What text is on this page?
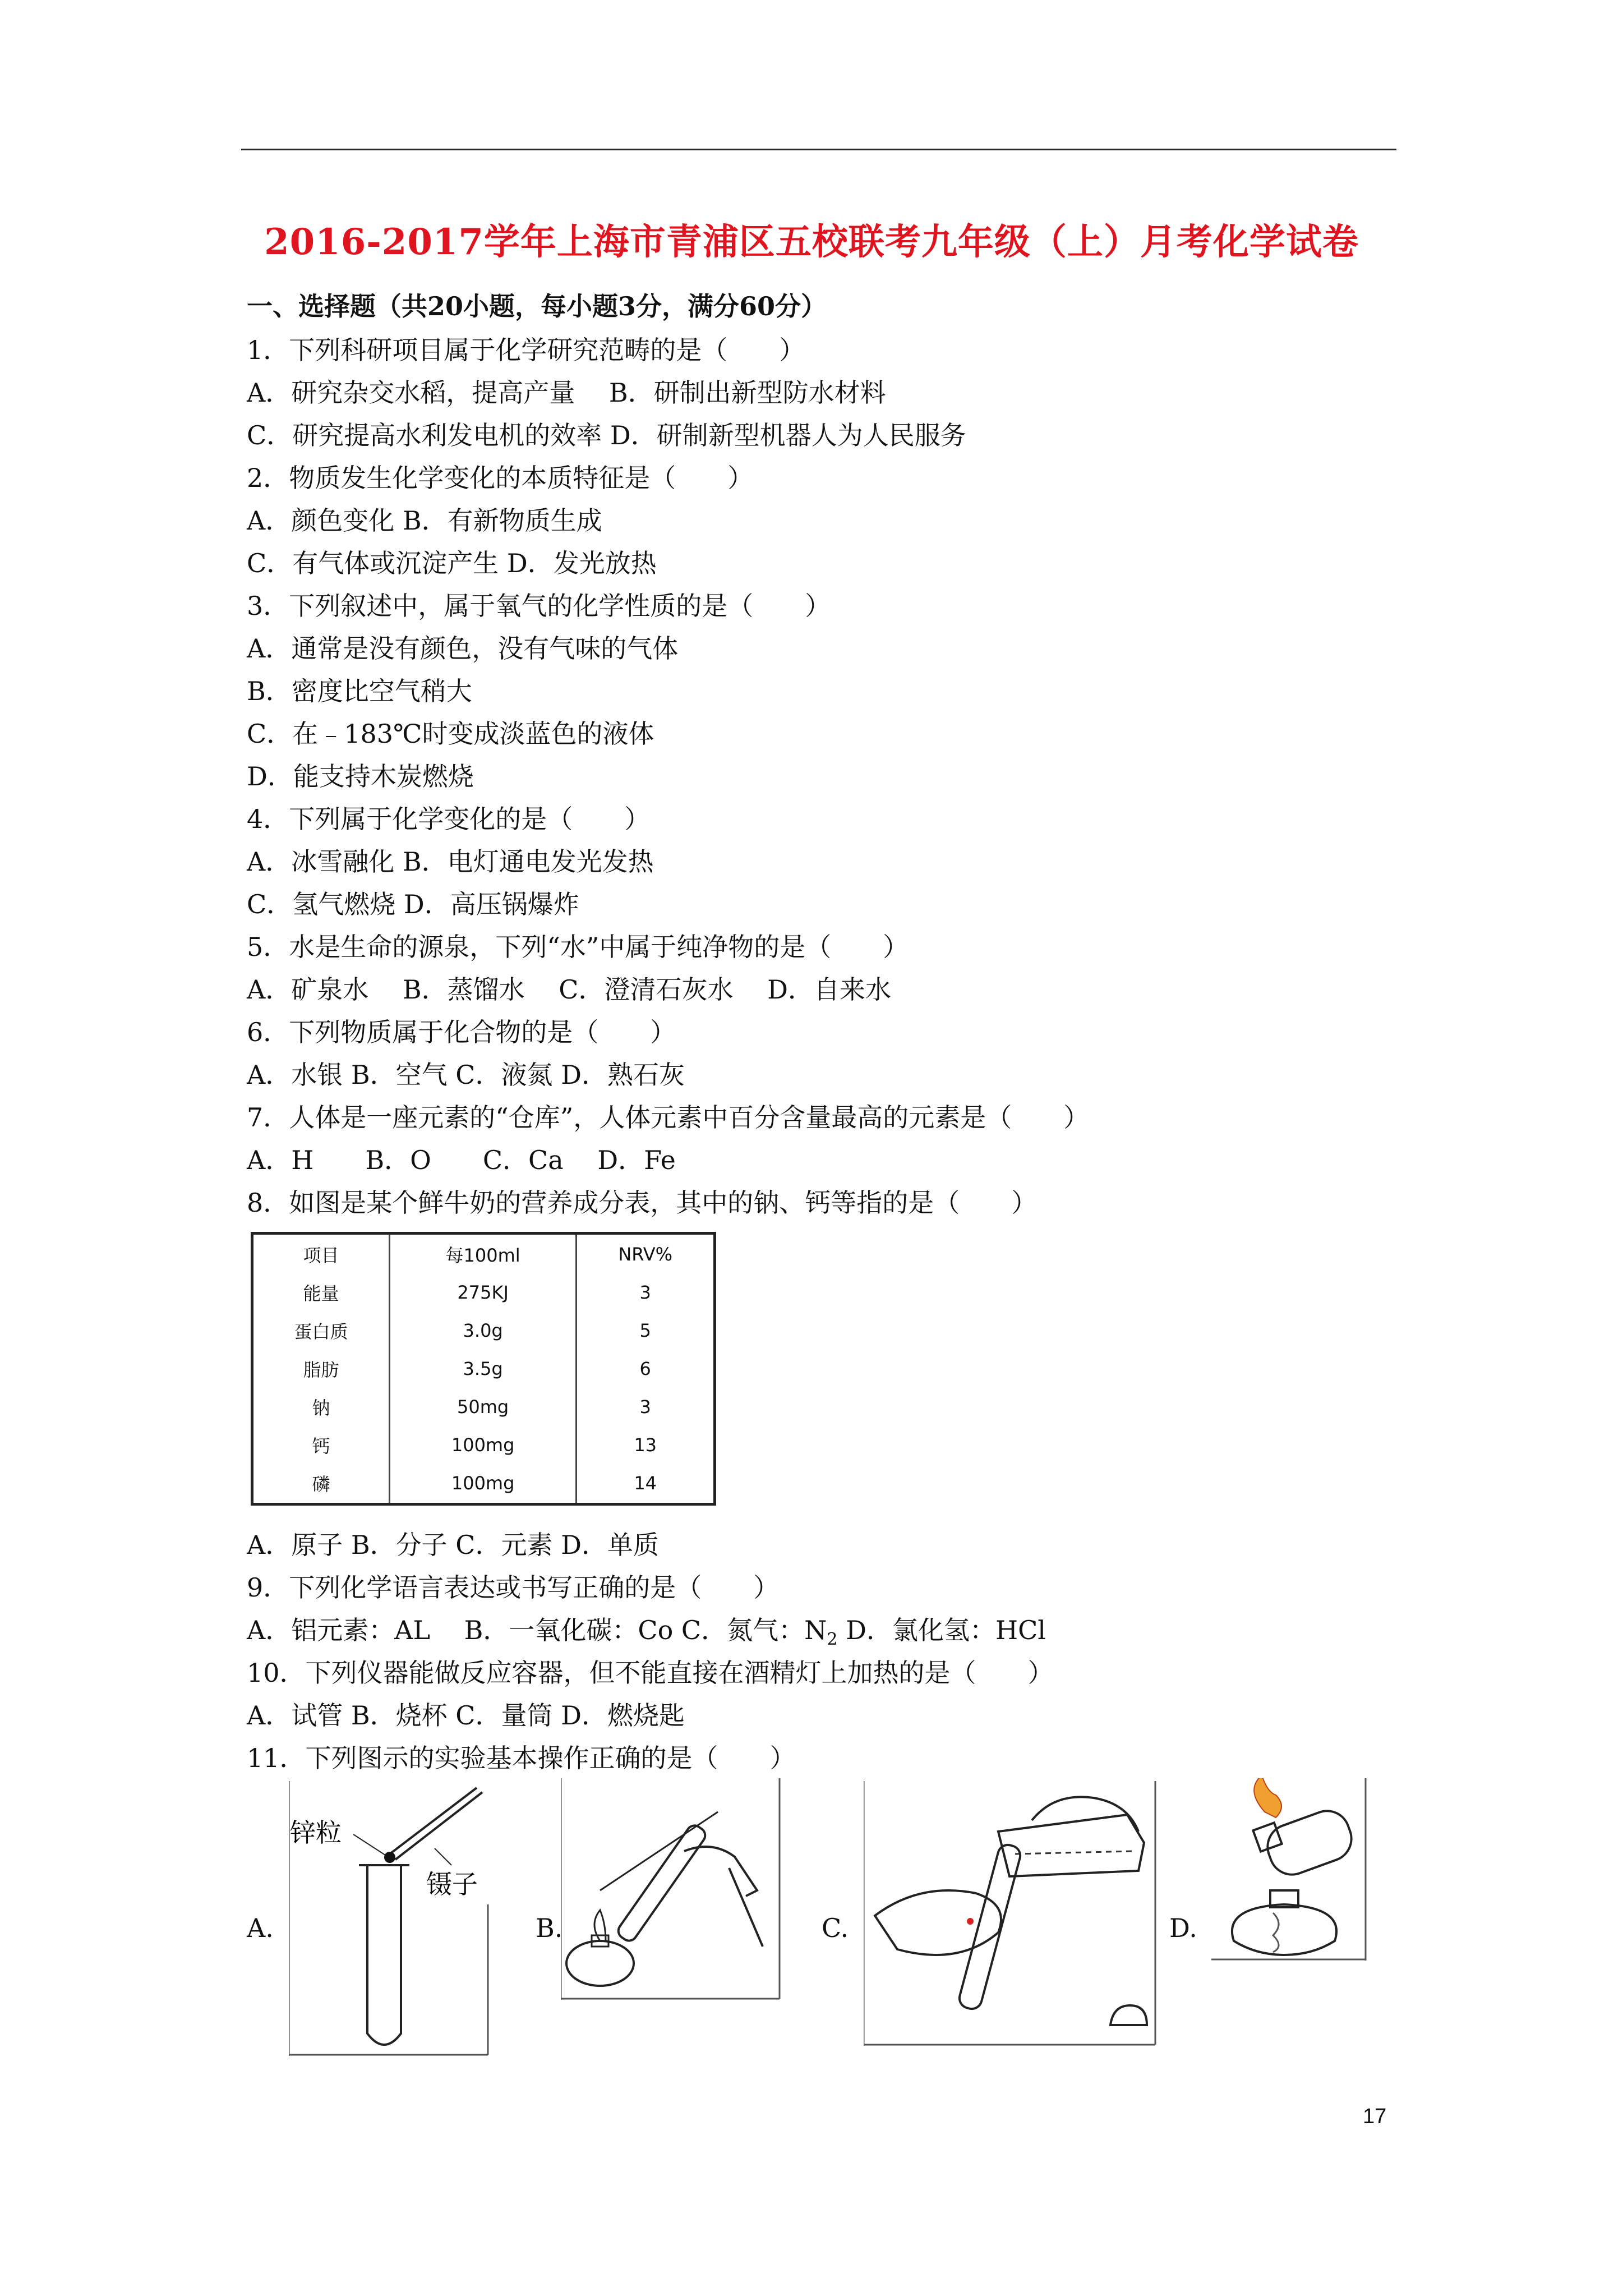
2016-2017学年上海市青浦区五校联考九年级（上）月考化学试卷
一、选择题（共20小题，每小题3分，满分60分）
1．下列科研项目属于化学研究范畴的是（　　）
A．研究杂交水稻，提高产量　 B．研制出新型防水材料
C．研究提高水利发电机的效率 D．研制新型机器人为人民服务
2．物质发生化学变化的本质特征是（　　）
A．颜色变化 B．有新物质生成
C．有气体或沉淀产生 D．发光放热
3．下列叙述中，属于氧气的化学性质的是（　　）
A．通常是没有颜色，没有气味的气体
B．密度比空气稍大
C．在﹣183℃时变成淡蓝色的液体
D．能支持木炭燃烧
4．下列属于化学变化的是（　　）
A．冰雪融化 B．电灯通电发光发热
C．氢气燃烧 D．高压锅爆炸
5．水是生命的源泉，下列“水”中属于纯净物的是（　　）
A．矿泉水　 B．蒸馏水　 C．澄清石灰水　 D．自来水
6．下列物质属于化合物的是（　　）
A．水银 B．空气 C．液氮 D．熟石灰
7．人体是一座元素的“仓库”，人体元素中百分含量最高的元素是（　　）
A．H　　B．O　　C．Ca　 D．Fe
8．如图是某个鲜牛奶的营养成分表，其中的钠、钙等指的是（　　）
项目	每100ml	NRV%
能量	275KJ	3
蛋白质	3.0g	5
脂肪	3.5g	6
钠	50mg	3
钙	100mg	13
磷	100mg	14
A．原子 B．分子 C．元素 D．单质
9．下列化学语言表达或书写正确的是（　　）
A．铝元素：AL　 B．一氧化碳：Co C．氮气：$N_2$ D．氯化氢：HCl
10．下列仪器能做反应容器，但不能直接在酒精灯上加热的是（　　）
A．试管 B．烧杯 C．量筒 D．燃烧匙
11．下列图示的实验基本操作正确的是（　　）
A.	B.	C.	D.
锌粒
镊子
17
